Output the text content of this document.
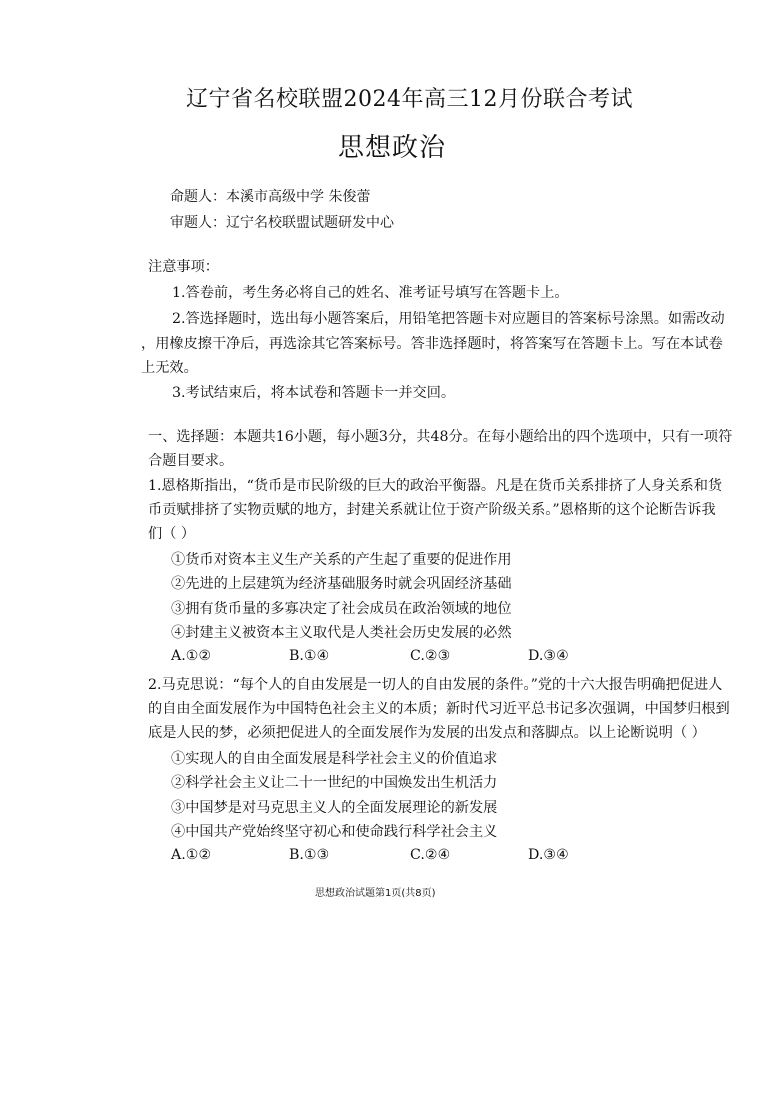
辽宁省名校联盟2024年高三12月份联合考试
思想政治
命题人：本溪市高级中学 朱俊蕾
审题人：辽宁名校联盟试题研发中心
注意事项：
1.答卷前，考生务必将自己的姓名、准考证号填写在答题卡上。
2.答选择题时，选出每小题答案后，用铅笔把答题卡对应题目的答案标号涂黑。如需改动
，用橡皮擦干净后，再选涂其它答案标号。答非选择题时，将答案写在答题卡上。写在本试卷
上无效。
3.考试结束后，将本试卷和答题卡一并交回。
一、选择题：本题共16小题，每小题3分，共48分。在每小题给出的四个选项中，只有一项符
合题目要求。
1.恩格斯指出，“货币是市民阶级的巨大的政治平衡器。凡是在货币关系排挤了人身关系和货
币贡赋排挤了实物贡赋的地方，封建关系就让位于资产阶级关系。”恩格斯的这个论断告诉我
们（ ）
①货币对资本主义生产关系的产生起了重要的促进作用
②先进的上层建筑为经济基础服务时就会巩固经济基础
③拥有货币量的多寡决定了社会成员在政治领域的地位
④封建主义被资本主义取代是人类社会历史发展的必然
A.①②	B.①④	C.②③	D.③④
2.马克思说：“每个人的自由发展是一切人的自由发展的条件。”党的十六大报告明确把促进人
的自由全面发展作为中国特色社会主义的本质；新时代习近平总书记多次强调，中国梦归根到
底是人民的梦，必须把促进人的全面发展作为发展的出发点和落脚点。以上论断说明（ ）
①实现人的自由全面发展是科学社会主义的价值追求
②科学社会主义让二十一世纪的中国焕发出生机活力
③中国梦是对马克思主义人的全面发展理论的新发展
④中国共产党始终坚守初心和使命践行科学社会主义
A.①②	B.①③	C.②④	D.③④
思想政治试题第1页(共8页)
